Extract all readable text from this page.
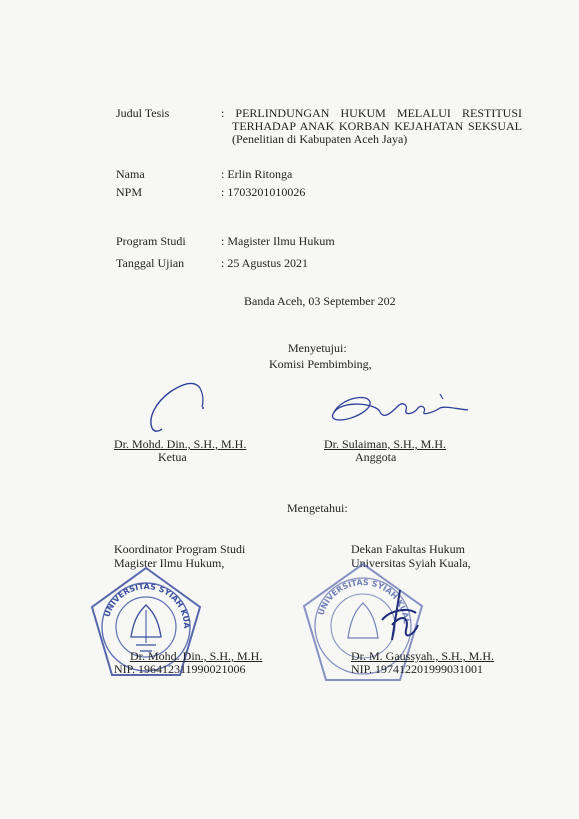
Judul Tesis	: PERLINDUNGAN HUKUM MELALUI RESTITUSI
TERHADAP ANAK KORBAN KEJAHATAN SEKSUAL
(Penelitian di Kabupaten Aceh Jaya)
Nama	: Erlin Ritonga
NPM	: 1703201010026
Program Studi	: Magister Ilmu Hukum
Tanggal Ujian	: 25 Agustus 2021
Banda Aceh, 03 September 202
Menyetujui:
Komisi Pembimbing,
Dr. Mohd. Din., S.H., M.H.
Ketua
Dr. Sulaiman, S.H., M.H.
Anggota
Mengetahui:
Koordinator Program Studi
Magister Ilmu Hukum,
Dekan Fakultas Hukum
Universitas Syiah Kuala,
UNIVERSITAS SYIAH KUALA
Dr. Mohd. Din., S.H., M.H.
NIP. 196412311990021006
UNIVERSITAS SYIAH KUALA
Dr. M. Gaussyah., S.H., M.H.
NIP. 197412201999031001
